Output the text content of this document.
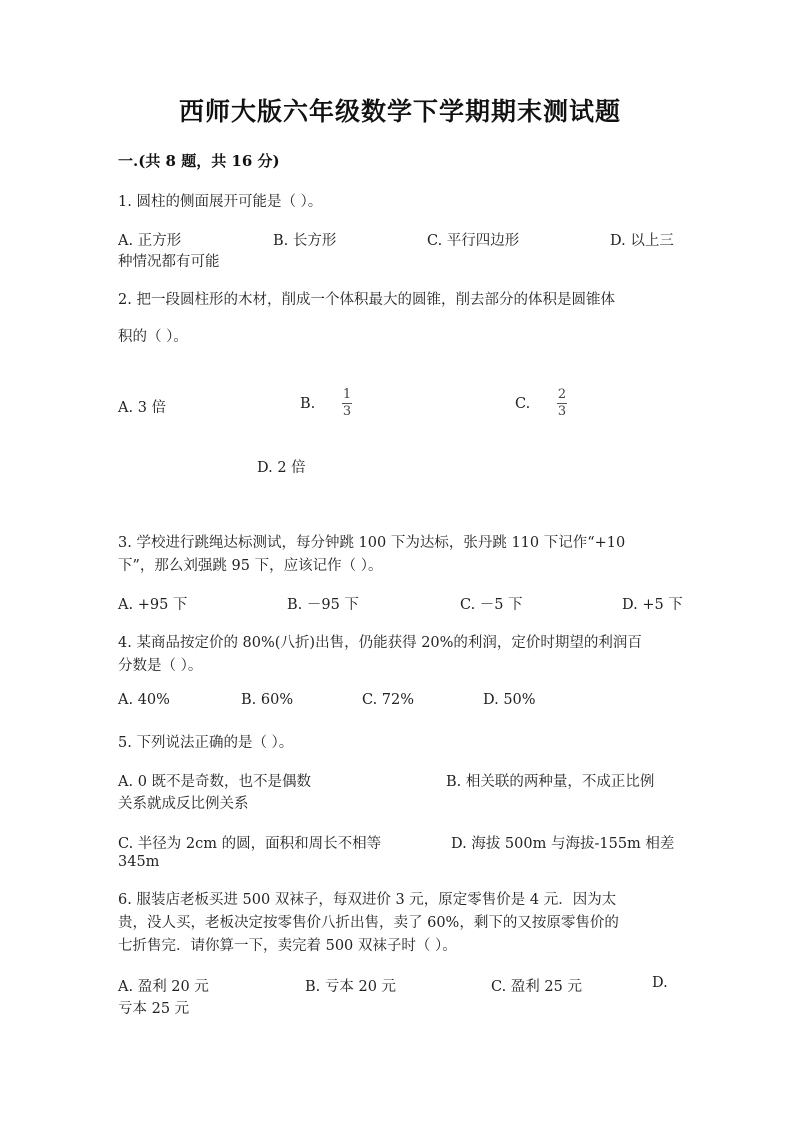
西师大版六年级数学下学期期末测试题
一.(共 8 题，共 16 分)
1. 圆柱的侧面展开可能是（ ）。
A. 正方形	B. 长方形	C. 平行四边形	D. 以上三
种情况都有可能
2. 把一段圆柱形的木材，削成一个体积最大的圆锥，削去部分的体积是圆锥体
积的（ ）。
A. 3 倍	B.
1
3	C.
2
3
D. 2 倍
3. 学校进行跳绳达标测试，每分钟跳 100 下为达标，张丹跳 110 下记作“+10
下”，那么刘强跳 95 下，应该记作（ ）。
A. +95 下	B. －95 下	C. －5 下	D. +5 下
4. 某商品按定价的 80%(八折)出售，仍能获得 20%的利润，定价时期望的利润百
分数是（ ）。
A. 40%	B. 60%	C. 72%	D. 50%
5. 下列说法正确的是（ ）。
A. 0 既不是奇数，也不是偶数	B. 相关联的两种量，不成正比例
关系就成反比例关系
C. 半径为 2cm 的圆，面积和周长不相等	D. 海拔 500m 与海拔-155m 相差
345m
6. 服装店老板买进 500 双袜子，每双进价 3 元，原定零售价是 4 元．因为太
贵，没人买，老板决定按零售价八折出售，卖了 60%，剩下的又按原零售价的
七折售完．请你算一下，卖完着 500 双袜子时（ ）。
A. 盈利 20 元	B. 亏本 20 元	C. 盈利 25 元	D.
亏本 25 元
